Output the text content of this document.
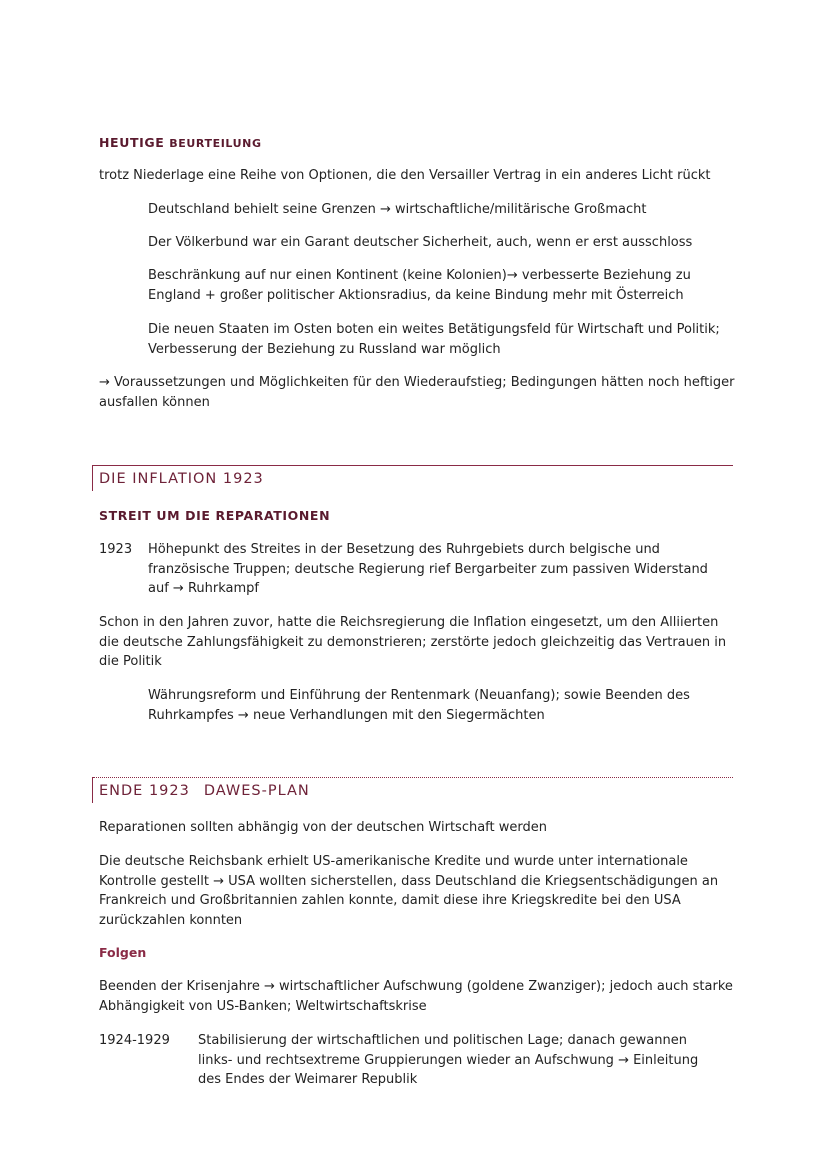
HEUTIGE BEURTEILUNG

trotz Niederlage eine Reihe von Optionen, die den Versailler Vertrag in ein anderes Licht rückt

Deutschland behielt seine Grenzen → wirtschaftliche/militärische Großmacht

Der Völkerbund war ein Garant deutscher Sicherheit, auch, wenn er erst ausschloss

Beschränkung auf nur einen Kontinent (keine Kolonien)→ verbesserte Beziehung zu England + großer politischer Aktionsradius, da keine Bindung mehr mit Österreich

Die neuen Staaten im Osten boten ein weites Betätigungsfeld für Wirtschaft und Politik; Verbesserung der Beziehung zu Russland war möglich

→ Voraussetzungen und Möglichkeiten für den Wiederaufstieg; Bedingungen hätten noch heftiger ausfallen können

DIE INFLATION 1923
STREIT UM DIE REPARATIONEN
1923 Höhepunkt des Streites in der Besetzung des Ruhrgebiets durch belgische und französische Truppen; deutsche Regierung rief Bergarbeiter zum passiven Widerstand auf → Ruhrkampf

Schon in den Jahren zuvor, hatte die Reichsregierung die Inflation eingesetzt, um den Alliierten die deutsche Zahlungsfähigkeit zu demonstrieren; zerstörte jedoch gleichzeitig das Vertrauen in die Politik

Währungsreform und Einführung der Rentenmark (Neuanfang); sowie Beenden des Ruhrkampfes → neue Verhandlungen mit den Siegermächten

ENDE 1923 DAWES-PLAN

Reparationen sollten abhängig von der deutschen Wirtschaft werden

Die deutsche Reichsbank erhielt US-amerikanische Kredite und wurde unter internationale Kontrolle gestellt → USA wollten sicherstellen, dass Deutschland die Kriegsentschädigungen an Frankreich und Großbritannien zahlen konnte, damit diese ihre Kriegskredite bei den USA zurückzahlen konnten

Folgen

Beenden der Krisenjahre → wirtschaftlicher Aufschwung (goldene Zwanziger); jedoch auch starke Abhängigkeit von US-Banken; Weltwirtschaftskrise

1924-1929 Stabilisierung der wirtschaftlichen und politischen Lage; danach gewannen links- und rechtsextreme Gruppierungen wieder an Aufschwung → Einleitung des Endes der Weimarer Republik
